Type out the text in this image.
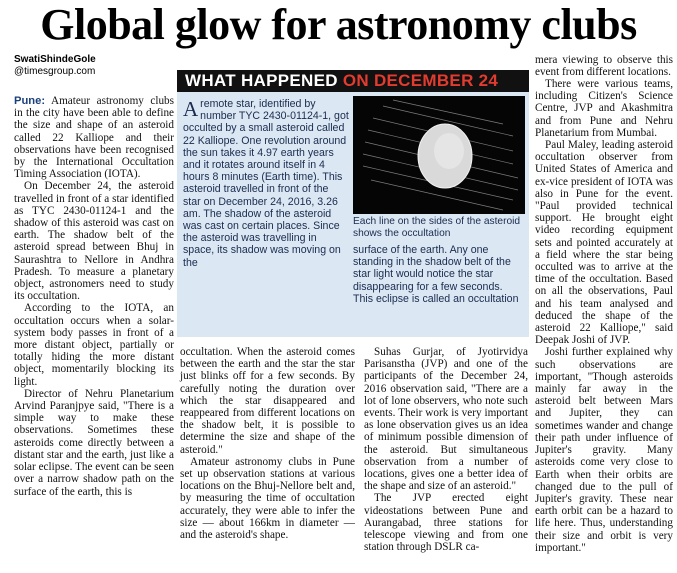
Global glow for astronomy clubs
SwatiShindeGole
@timesgroup.com

Pune: Amateur astronomy clubs in the city have been able to define the size and shape of an asteroid called 22 Kalliope and their observations have been recognised by the International Occultation Timing Association (IOTA).

On December 24, the asteroid travelled in front of a star identified as TYC 2430-01124-1 and the shadow of this asteroid was cast on earth. The shadow belt of the asteroid spread between Bhuj in Saurashtra to Nellore in Andhra Pradesh. To measure a planetary object, astronomers need to study its occultation.

According to the IOTA, an occultation occurs when a solar-system body passes in front of a more distant object, partially or totally hiding the more distant object, momentarily blocking its light.

Director of Nehru Planetarium Arvind Paranjpye said, "There is a simple way to make these observations. Sometimes these asteroids come directly between a distant star and the earth, just like a solar eclipse. The event can be seen over a narrow shadow path on the surface of the earth, this is

WHAT HAPPENED ON DECEMBER 24
Aremote star, identified by number TYC 2430-01124-1, got occulted by a small asteroid called 22 Kalliope. One revolution around the sun takes it 4.97 earth years and it rotates around itself in 4 hours 8 minutes (Earth time). This asteroid travelled in front of the star on December 24, 2016, 3.26 am. The shadow of the asteroid was cast on certain places. Since the asteroid was travelling in space, its shadow was moving on the
Each line on the sides of the asteroid shows the occultation
surface of the earth. Any one standing in the shadow belt of the star light would notice the star disappearing for a few seconds. This eclipse is called an occultation

occultation. When the asteroid comes between the earth and the star the star just blinks off for a few seconds. By carefully noting the duration over which the star disappeared and reappeared from different locations on the shadow belt, it is possible to determine the size and shape of the asteroid."

Amateur astronomy clubs in Pune set up observation stations at various locations on the Bhuj-Nellore belt and, by measuring the time of occultation accurately, they were able to infer the size — about 166km in diameter — and the asteroid's shape.

Suhas Gurjar, of Jyotirvidya Parisanstha (JVP) and one of the participants of the December 24, 2016 observation said, "There are a lot of lone observers, who note such events. Their work is very important as lone observation gives us an idea of minimum possible dimension of the asteroid. But simultaneous observation from a number of locations, gives one a better idea of the shape and size of an asteroid."

The JVP erected eight videostations between Pune and Aurangabad, three stations for telescope viewing and from one station through DSLR ca-

mera viewing to observe this event from different locations.

There were various teams, including Citizen's Science Centre, JVP and Akashmitra and from Pune and Nehru Planetarium from Mumbai.

Paul Maley, leading asteroid occultation observer from United States of America and ex-vice president of IOTA was also in Pune for the event. "Paul provided technical support. He brought eight video recording equipment sets and pointed accurately at a field where the star being occulted was to arrive at the time of the occultation. Based on all the observations, Paul and his team analysed and deduced the shape of the asteroid 22 Kalliope," said Deepak Joshi of JVP.

Joshi further explained why such observations are important, "Though asteroids mainly far away in the asteroid belt between Mars and Jupiter, they can sometimes wander and change their path under influence of Jupiter's gravity. Many asteroids come very close to Earth when their orbits are changed due to the pull of Jupiter's gravity. These near earth orbit can be a hazard to life here. Thus, understanding their size and orbit is very important."
